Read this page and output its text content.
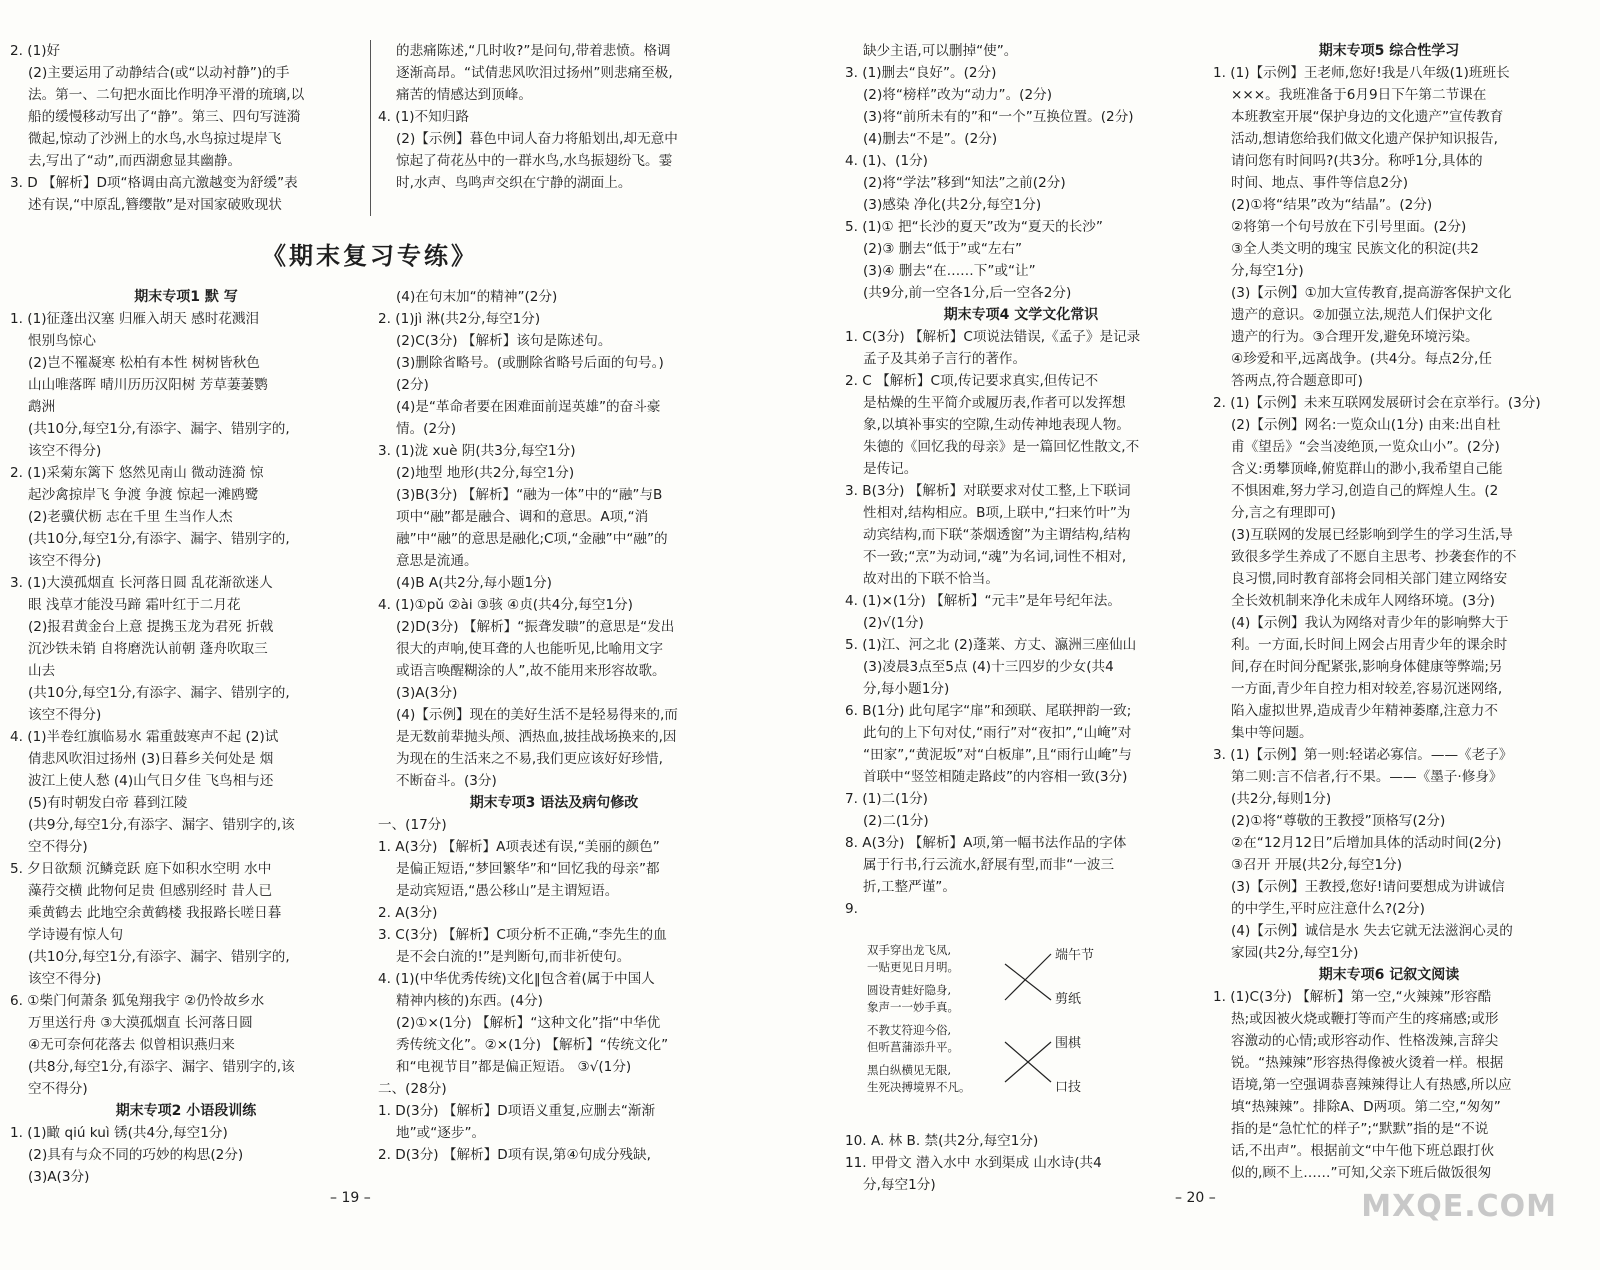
2. (1)好
(2)主要运用了动静结合(或“以动衬静”)的手
法。第一、二句把水面比作明净平滑的琉璃,以
船的缓慢移动写出了“静”。第三、四句写涟漪
微起,惊动了沙洲上的水鸟,水鸟掠过堤岸飞
去,写出了“动”,而西湖愈显其幽静。
3. D 【解析】D项“格调由高亢激越变为舒缓”表
述有误,“中原乱,簪缨散”是对国家破败现状
的悲痛陈述,“几时收?”是问句,带着悲愤。格调
逐渐高昂。“试倩悲风吹泪过扬州”则悲痛至极,
痛苦的情感达到顶峰。
4. (1)不知归路
(2)【示例】暮色中词人奋力将船划出,却无意中
惊起了荷花丛中的一群水鸟,水鸟振翅纷飞。霎
时,水声、鸟鸣声交织在宁静的湖面上。
《期末复习专练》
期末专项1 默 写
1. (1)征蓬出汉塞 归雁入胡天 感时花溅泪
恨别鸟惊心
(2)岂不罹凝寒 松柏有本性 树树皆秋色
山山唯落晖 晴川历历汉阳树 芳草萋萋鹦
鹉洲
(共10分,每空1分,有添字、漏字、错别字的,
该空不得分)
2. (1)采菊东篱下 悠然见南山 微动涟漪 惊
起沙禽掠岸飞 争渡 争渡 惊起一滩鸥鹭
(2)老骥伏枥 志在千里 生当作人杰
(共10分,每空1分,有添字、漏字、错别字的,
该空不得分)
3. (1)大漠孤烟直 长河落日圆 乱花渐欲迷人
眼 浅草才能没马蹄 霜叶红于二月花
(2)报君黄金台上意 提携玉龙为君死 折戟
沉沙铁未销 自将磨洗认前朝 蓬舟吹取三
山去
(共10分,每空1分,有添字、漏字、错别字的,
该空不得分)
4. (1)半卷红旗临易水 霜重鼓寒声不起 (2)试
倩悲风吹泪过扬州 (3)日暮乡关何处是 烟
波江上使人愁 (4)山气日夕佳 飞鸟相与还
(5)有时朝发白帝 暮到江陵
(共9分,每空1分,有添字、漏字、错别字的,该
空不得分)
5. 夕日欲颓 沉鳞竞跃 庭下如积水空明 水中
藻荇交横 此物何足贵 但感别经时 昔人已
乘黄鹤去 此地空余黄鹤楼 我报路长嗟日暮
学诗谩有惊人句
(共10分,每空1分,有添字、漏字、错别字的,
该空不得分)
6. ①柴门何萧条 狐兔翔我宇 ②仍怜故乡水
万里送行舟 ③大漠孤烟直 长河落日圆
④无可奈何花落去 似曾相识燕归来
(共8分,每空1分,有添字、漏字、错别字的,该
空不得分)
期末专项2 小语段训练
1. (1)瞰 qiú kuì 锈(共4分,每空1分)
(2)具有与众不同的巧妙的构思(2分)
(3)A(3分)
(4)在句末加“的精神”(2分)
2. (1)jì 淋(共2分,每空1分)
(2)C(3分) 【解析】该句是陈述句。
(3)删除省略号。(或删除省略号后面的句号。)
(2分)
(4)是“革命者要在困难面前逞英雄”的奋斗豪
情。(2分)
3. (1)泷 xuè 阴(共3分,每空1分)
(2)地型 地形(共2分,每空1分)
(3)B(3分) 【解析】“融为一体”中的“融”与B
项中“融”都是融合、调和的意思。A项,“消
融”中“融”的意思是融化;C项,“金融”中“融”的
意思是流通。
(4)B A(共2分,每小题1分)
4. (1)①pǔ ②ài ③骇 ④贞(共4分,每空1分)
(2)D(3分) 【解析】“振聋发聩”的意思是“发出
很大的声响,使耳聋的人也能听见,比喻用文字
或语言唤醒糊涂的人”,故不能用来形容故歌。
(3)A(3分)
(4)【示例】现在的美好生活不是轻易得来的,而
是无数前辈抛头颅、洒热血,披挂战场换来的,因
为现在的生活来之不易,我们更应该好好珍惜,
不断奋斗。(3分)
期末专项3 语法及病句修改
一、(17分)
1. A(3分) 【解析】A项表述有误,“美丽的颜色”
是偏正短语,“梦回繁华”和“回忆我的母亲”都
是动宾短语,“愚公移山”是主谓短语。
2. A(3分)
3. C(3分) 【解析】C项分析不正确,“李先生的血
是不会白流的!”是判断句,而非祈使句。
4. (1)(中华优秀传统)文化‖包含着(属于中国人
精神内核的)东西。(4分)
(2)①×(1分) 【解析】“这种文化”指“中华优
秀传统文化”。②×(1分) 【解析】“传统文化”
和“电视节目”都是偏正短语。 ③√(1分)
二、(28分)
1. D(3分) 【解析】D项语义重复,应删去“渐渐
地”或“逐步”。
2. D(3分) 【解析】D项有误,第④句成分残缺,
– 19 –
缺少主语,可以删掉“使”。
3. (1)删去“良好”。(2分)
(2)将“榜样”改为“动力”。(2分)
(3)将“前所未有的”和“一个”互换位置。(2分)
(4)删去“不是”。(2分)
4. (1)、(1分)
(2)将“学法”移到“知法”之前(2分)
(3)感染 净化(共2分,每空1分)
5. (1)① 把“长沙的夏天”改为“夏天的长沙”
(2)③ 删去“低于”或“左右”
(3)④ 删去“在……下”或“让”
(共9分,前一空各1分,后一空各2分)
期末专项4 文学文化常识
1. C(3分) 【解析】C项说法错误,《孟子》是记录
孟子及其弟子言行的著作。
2. C 【解析】C项,传记要求真实,但传记不
是枯燥的生平简介或履历表,作者可以发挥想
象,以填补事实的空隙,生动传神地表现人物。
朱德的《回忆我的母亲》是一篇回忆性散文,不
是传记。
3. B(3分) 【解析】对联要求对仗工整,上下联词
性相对,结构相应。B项,上联中,“扫来竹叶”为
动宾结构,而下联“茶烟透窗”为主谓结构,结构
不一致;“烹”为动词,“魂”为名词,词性不相对,
故对出的下联不恰当。
4. (1)×(1分) 【解析】“元丰”是年号纪年法。
(2)√(1分)
5. (1)江、河之北 (2)蓬莱、方丈、瀛洲三座仙山
(3)凌晨3点至5点 (4)十三四岁的少女(共4
分,每小题1分)
6. B(1分) 此句尾字“扉”和颈联、尾联押韵一致;
此句的上下句对仗,“雨行”对“夜扣”,“山崦”对
“田家”,“黄泥坂”对“白板扉”,且“雨行山崦”与
首联中“竖笠相随走路歧”的内容相一致(3分)
7. (1)二(1分)
(2)二(1分)
8. A(3分) 【解析】A项,第一幅书法作品的字体
属于行书,行云流水,舒展有型,而非“一波三
折,工整严谨”。
9.
双手穿出龙飞凤,
一贴更见日月明。
圆设青蛙好隐身,
象声一一妙手真。
不教艾符迎今俗,
但听菖蒲添升平。
黑白纵横见无限,
生死决搏境界不凡。
端午节
剪纸
围棋
口技
10. A. 林 B. 禁(共2分,每空1分)
11. 甲骨文 潜入水中 水到渠成 山水诗(共4
分,每空1分)
期末专项5 综合性学习
1. (1)【示例】王老师,您好!我是八年级(1)班班长
×××。我班准备于6月9日下午第二节课在
本班教室开展“保护身边的文化遗产”宣传教育
活动,想请您给我们做文化遗产保护知识报告,
请问您有时间吗?(共3分。称呼1分,具体的
时间、地点、事件等信息2分)
(2)①将“结果”改为“结晶”。(2分)
②将第一个句号放在下引号里面。(2分)
③全人类文明的瑰宝 民族文化的积淀(共2
分,每空1分)
(3)【示例】①加大宣传教育,提高游客保护文化
遗产的意识。②加强立法,规范人们保护文化
遗产的行为。③合理开发,避免环境污染。
④珍爱和平,远离战争。(共4分。每点2分,任
答两点,符合题意即可)
2. (1)【示例】未来互联网发展研讨会在京举行。(3分)
(2)【示例】网名:一览众山(1分) 由来:出自杜
甫《望岳》“会当凌绝顶,一览众山小”。(2分)
含义:勇攀顶峰,俯览群山的渺小,我希望自己能
不惧困难,努力学习,创造自己的辉煌人生。(2
分,言之有理即可)
(3)互联网的发展已经影响到学生的学习生活,导
致很多学生养成了不愿自主思考、抄袭套作的不
良习惯,同时教育部将会同相关部门建立网络安
全长效机制来净化未成年人网络环境。(3分)
(4)【示例】我认为网络对青少年的影响弊大于
利。一方面,长时间上网会占用青少年的课余时
间,存在时间分配紧张,影响身体健康等弊端;另
一方面,青少年自控力相对较差,容易沉迷网络,
陷入虚拟世界,造成青少年精神萎靡,注意力不
集中等问题。
3. (1)【示例】第一则:轻诺必寡信。——《老子》
第二则:言不信者,行不果。——《墨子·修身》
(共2分,每则1分)
(2)①将“尊敬的王教授”顶格写(2分)
②在“12月12日”后增加具体的活动时间(2分)
③召开 开展(共2分,每空1分)
(3)【示例】王教授,您好!请问要想成为讲诚信
的中学生,平时应注意什么?(2分)
(4)【示例】诚信是水 失去它就无法滋润心灵的
家园(共2分,每空1分)
期末专项6 记叙文阅读
1. (1)C(3分) 【解析】第一空,“火辣辣”形容酷
热;或因被火烧或鞭打等而产生的疼痛感;或形
容激动的心情;或形容动作、性格泼辣,言辞尖
锐。“热辣辣”形容热得像被火烫着一样。根据
语境,第一空强调恭喜辣辣得让人有热感,所以应
填“热辣辣”。排除A、D两项。第二空,“匆匆”
指的是“急忙忙的样子”;“默默”指的是“不说
话,不出声”。根据前文“中午他下班总跟打伙
似的,顾不上……”可知,父亲下班后做饭很匆
– 20 –	MXQE.COM
